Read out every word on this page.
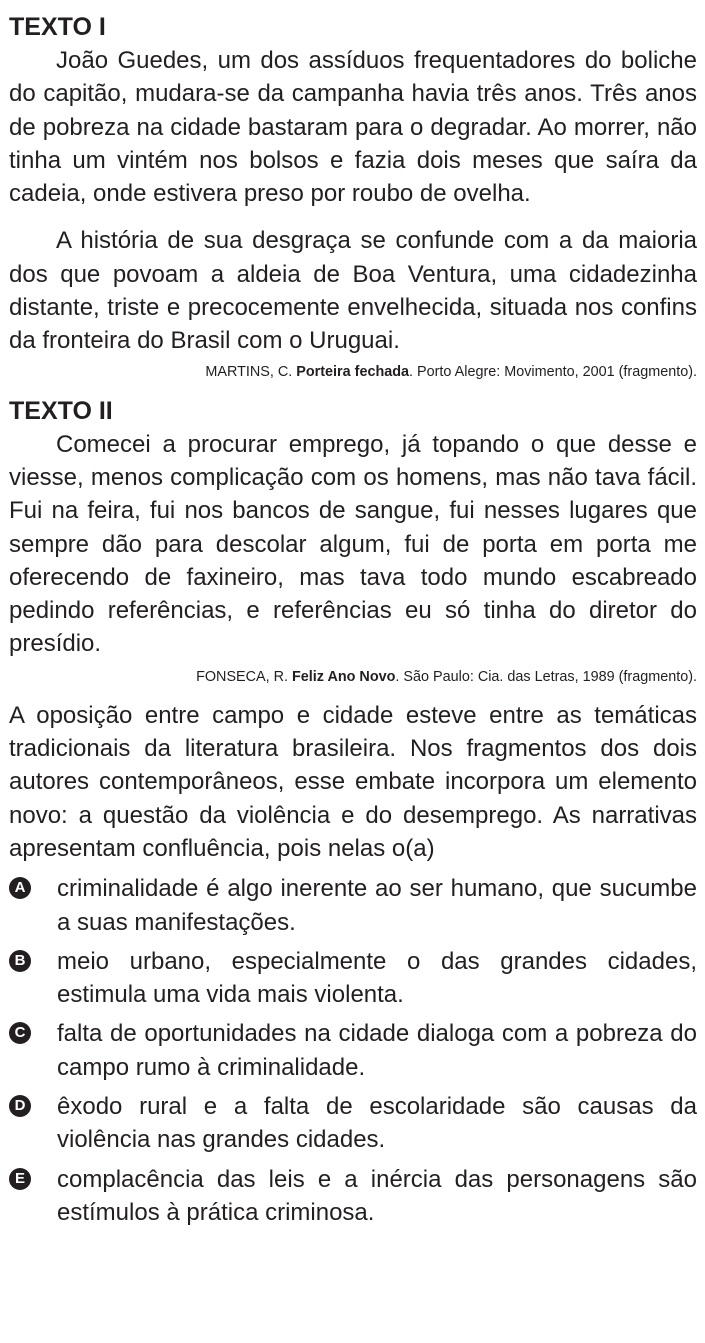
TEXTO I

João Guedes, um dos assíduos frequentadores do boliche do capitão, mudara-se da campanha havia três anos. Três anos de pobreza na cidade bastaram para o degradar. Ao morrer, não tinha um vintém nos bolsos e fazia dois meses que saíra da cadeia, onde estivera preso por roubo de ovelha.

A história de sua desgraça se confunde com a da maioria dos que povoam a aldeia de Boa Ventura, uma cidadezinha distante, triste e precocemente envelhecida, situada nos confins da fronteira do Brasil com o Uruguai.

MARTINS, C. Porteira fechada. Porto Alegre: Movimento, 2001 (fragmento).

TEXTO II

Comecei a procurar emprego, já topando o que desse e viesse, menos complicação com os homens, mas não tava fácil. Fui na feira, fui nos bancos de sangue, fui nesses lugares que sempre dão para descolar algum, fui de porta em porta me oferecendo de faxineiro, mas tava todo mundo escabreado pedindo referências, e referências eu só tinha do diretor do presídio.

FONSECA, R. Feliz Ano Novo. São Paulo: Cia. das Letras, 1989 (fragmento).

A oposição entre campo e cidade esteve entre as temáticas tradicionais da literatura brasileira. Nos fragmentos dos dois autores contemporâneos, esse embate incorpora um elemento novo: a questão da violência e do desemprego. As narrativas apresentam confluência, pois nelas o(a)

A criminalidade é algo inerente ao ser humano, que sucumbe a suas manifestações.
B meio urbano, especialmente o das grandes cidades, estimula uma vida mais violenta.
C falta de oportunidades na cidade dialoga com a pobreza do campo rumo à criminalidade.
D êxodo rural e a falta de escolaridade são causas da violência nas grandes cidades.
E complacência das leis e a inércia das personagens são estímulos à prática criminosa.
